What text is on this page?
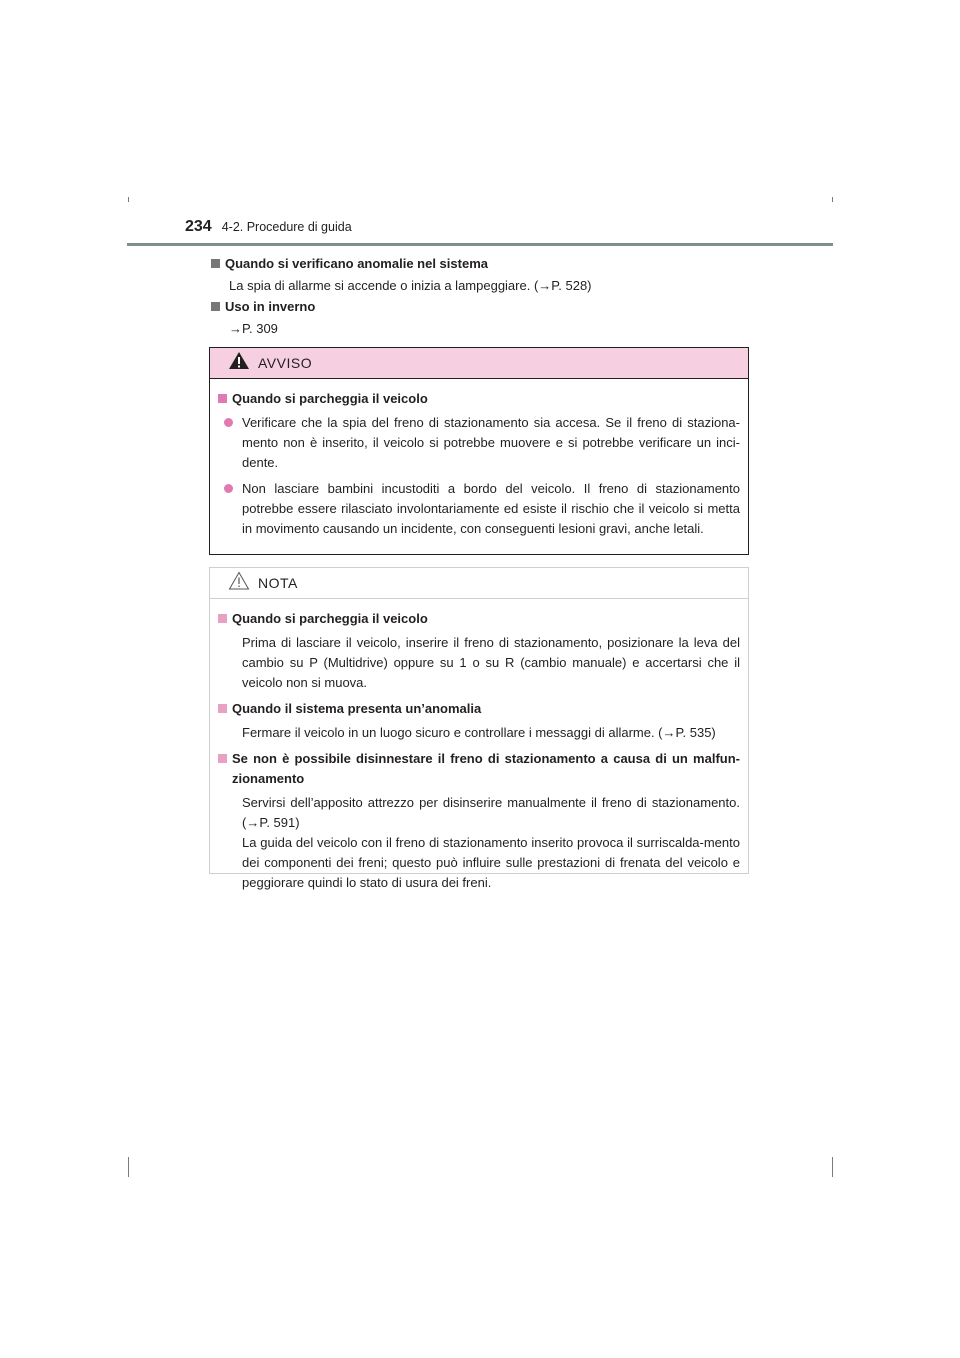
234 4-2. Procedure di guida
Quando si verificano anomalie nel sistema
La spia di allarme si accende o inizia a lampeggiare. (→P. 528)
Uso in inverno
→P. 309
AVVISO
Quando si parcheggia il veicolo
Verificare che la spia del freno di stazionamento sia accesa. Se il freno di staziona-mento non è inserito, il veicolo si potrebbe muovere e si potrebbe verificare un inci-dente.
Non lasciare bambini incustoditi a bordo del veicolo. Il freno di stazionamento potrebbe essere rilasciato involontariamente ed esiste il rischio che il veicolo si metta in movimento causando un incidente, con conseguenti lesioni gravi, anche letali.
NOTA
Quando si parcheggia il veicolo
Prima di lasciare il veicolo, inserire il freno di stazionamento, posizionare la leva del cambio su P (Multidrive) oppure su 1 o su R (cambio manuale) e accertarsi che il veicolo non si muova.
Quando il sistema presenta un’anomalia
Fermare il veicolo in un luogo sicuro e controllare i messaggi di allarme. (→P. 535)
Se non è possibile disinnestare il freno di stazionamento a causa di un malfun-zionamento
Servirsi dell’apposito attrezzo per disinserire manualmente il freno di stazionamento. (→P. 591)
La guida del veicolo con il freno di stazionamento inserito provoca il surriscalda-mento dei componenti dei freni; questo può influire sulle prestazioni di frenata del veicolo e peggiorare quindi lo stato di usura dei freni.
